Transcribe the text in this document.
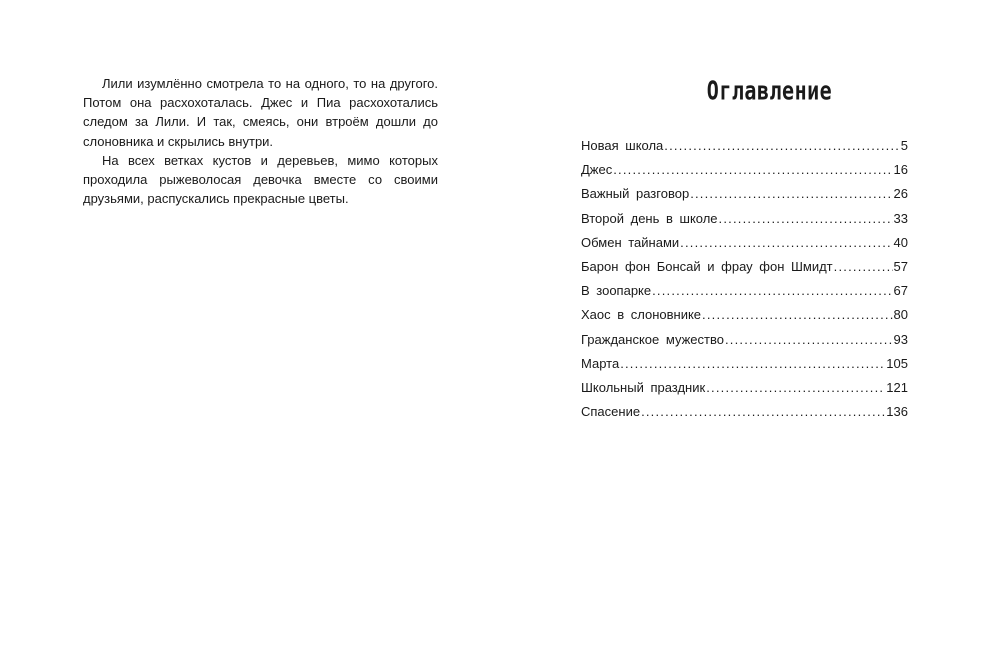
Лили изумлённо смотрела то на одного, то на другого. Потом она расхохоталась. Джес и Пиа расхохотались следом за Лили. И так, смеясь, они втроём дошли до слоновника и скрылись внутри.

На всех ветках кустов и деревьев, мимо которых проходила рыжеволосая девочка вместе со своими друзьями, распускались прекрасные цветы.

Оглавление
Новая школа .....	5
Джес .....	16
Важный разговор .....	26
Второй день в школе .....	33
Обмен тайнами .....	40
Барон фон Бонсай и фрау фон Шмидт .....	57
В зоопарке .....	67
Хаос в слоновнике .....	80
Гражданское мужество .....	93
Марта .....	105
Школьный праздник .....	121
Спасение .....	136
